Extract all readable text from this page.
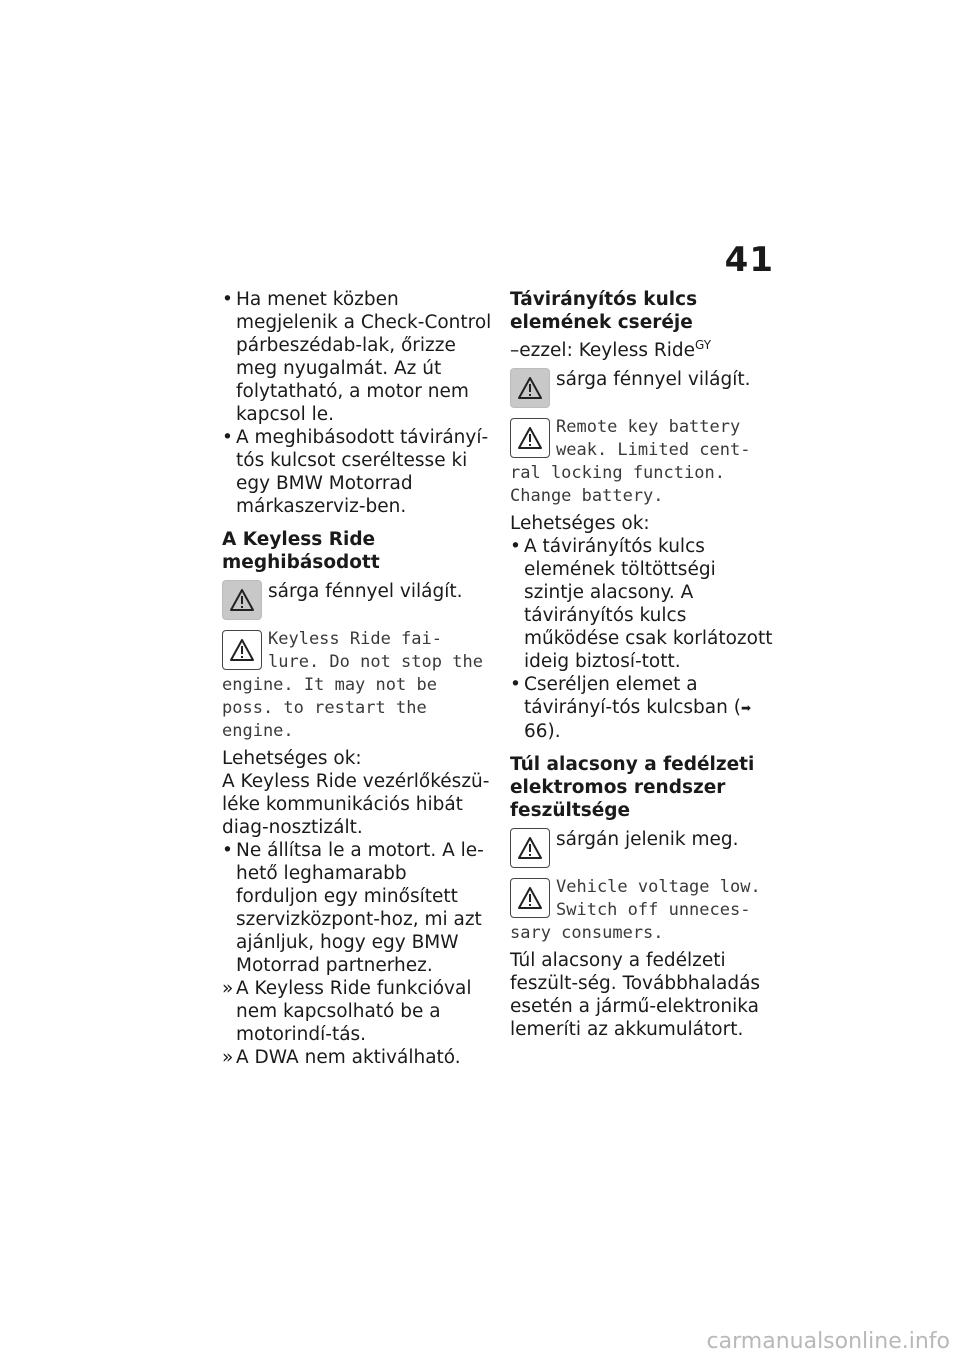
41

• Ha menet közben megjelenik a Check-Control párbeszédab-lak, őrizze meg nyugalmát. Az út folytatható, a motor nem kapcsol le.

• A meghibásodott távirányí-tós kulcsot cseréltesse ki egy BMW Motorrad márkaszerviz-ben.

A Keyless Ride meghibásodott

sárga fénnyel világít.
Keyless Ride fai-lure. Do not stop the engine. It may not be poss. to restart the engine.

Lehetséges ok:

A Keyless Ride vezérlőkészü-léke kommunikációs hibát diag-nosztizált.

• Ne állítsa le a motort. A le-hető leghamarabb forduljon egy minősített szervizközpont-hoz, mi azt ajánljuk, hogy egy BMW Motorrad partnerhez.

» A Keyless Ride funkcióval nem kapcsolható be a motorindí-tás.

» A DWA nem aktiválható.

Távirányítós kulcs elemének cseréje

–ezzel: Keyless Ride$^{GY}$

sárga fénnyel világít.
Remote key battery weak. Limited cent-ral locking function. Change battery.

Lehetséges ok:

• A távirányítós kulcs elemének töltöttségi szintje alacsony. A távirányítós kulcs működése csak korlátozott ideig biztosí-tott.

• Cseréljen elemet a távirányí-tós kulcsban (➡ 66).

Túl alacsony a fedélzeti elektromos rendszer feszültsége

sárgán jelenik meg.
Vehicle voltage low. Switch off unneces-sary consumers.

Túl alacsony a fedélzeti feszült-ség. Továbbhaladás esetén a jármű-elektronika lemeríti az akkumulátort.

carmanualsonline.info
